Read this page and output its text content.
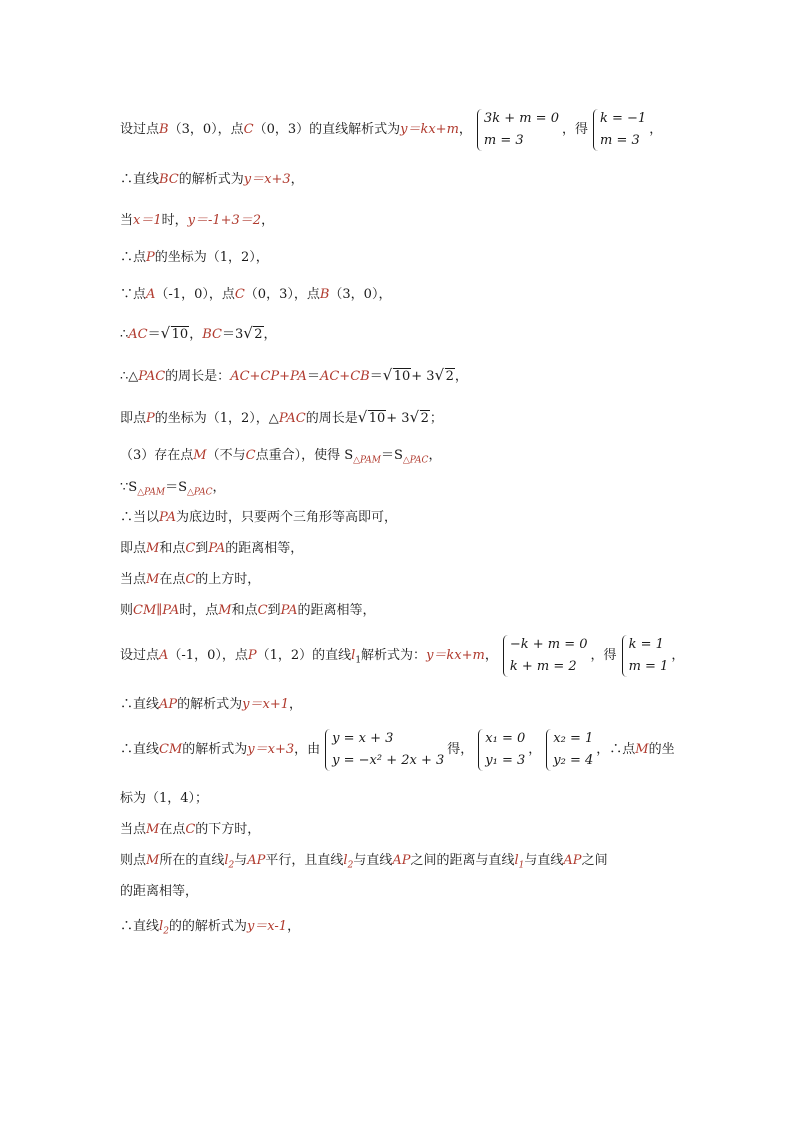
设过点B（3，0），点C（0，3）的直线解析式为y＝kx+m，
3k + m = 0
m = 3
，得
k = −1
m = 3
，
∴直线BC的解析式为y＝x+3，
当x＝1时，y＝-1+3＝2，
∴点P的坐标为（1，2），
∵点A（-1，0），点C（0，3），点B（3，0），
∴AC＝ √ 10，BC＝3 √ 2，
∴△PAC的周长是：AC+CP+PA＝AC+CB＝ √ 10+ 3 √ 2，
即点P的坐标为（1，2），△PAC的周长是 √ 10+ 3 √ 2；
（3）存在点M（不与C点重合），使得 $S_{\triangle PAM}=S_{\triangle PAC}$，
$\because S_{\triangle PAM}=S_{\triangle PAC}$，
∴当以PA为底边时，只要两个三角形等高即可，
即点M和点C到PA的距离相等，
当点M在点C的上方时，
则CM∥PA时，点M和点C到PA的距离相等，
设过点A（-1，0），点P（1，2）的直线$l_1$解析式为：y＝kx+m，
−k + m = 0
k + m = 2
，得
k = 1
m = 1
，
∴直线AP的解析式为y＝x+1，
∴直线CM的解析式为y＝x+3，由
y = x + 3
y = −x² + 2x + 3
得，
x₁ = 0
y₁ = 3
，
x₂ = 1
y₂ = 4
，∴点M的坐
标为（1，4）；
当点M在点C的下方时，
则点M所在的直线$l_2$与AP平行，且直线$l_2$与直线AP之间的距离与直线$l_1$与直线AP之间
的距离相等，
∴直线$l_2$的的解析式为y＝x-1，
